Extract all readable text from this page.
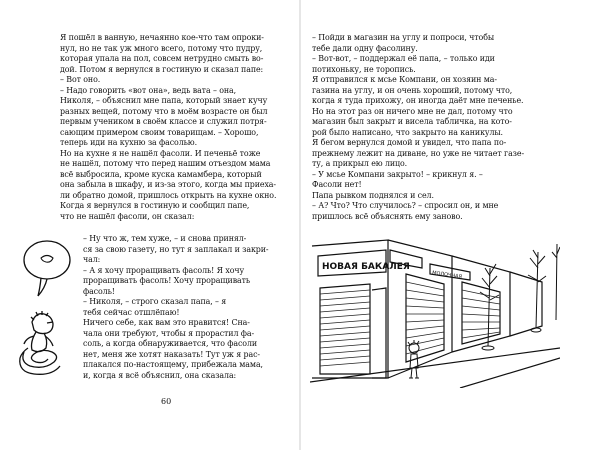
Я пошёл в ванную, нечаянно кое-что там опроки-

нул, но не так уж много всего, потому что пудру,

которая упала на пол, совсем нетрудно смыть во-

дой. Потом я вернулся в гостиную и сказал папе:

– Вот оно.

– Надо говорить «вот она», ведь вата – она,

Николя, – объяснил мне папа, который знает кучу

разных вещей, потому что в моём возрасте он был

первым учеником в своём классе и служил потря-

сающим примером своим товарищам. – Хорошо,

теперь иди на кухню за фасолью.

Но на кухне я не нашёл фасоли. И печеньё тоже

не нашёл, потому что перед нашим отъездом мама

всё выбросила, кроме куска камамбера, который

она забыла в шкафу, и из-за этого, когда мы приеха-

ли обратно домой, пришлось открыть на кухне окно.

Когда я вернулся в гостиную и сообщил папе,

что не нашёл фасоли, он сказал:

– Ну что ж, тем хуже, – и снова принял-

ся за свою газету, но тут я заплакал и закри-

чал:

– А я хочу проращивать фасоль! Я хочу

проращивать фасоль! Хочу проращивать

фасоль!

– Николя, – строго сказал папа, – я

тебя сейчас отшлёпаю!

Ничего себе, как вам это нравится! Сна-

чала они требуют, чтобы я прорастил фа-

соль, а когда обнаруживается, что фасоли

нет, меня же хотят наказать! Тут уж я рас-

плакался по-настоящему, прибежала мама,

и, когда я всё объяснил, она сказала:

60

– Пойди в магазин на углу и попроси, чтобы

тебе дали одну фасолину.

– Вот-вот, – поддержал её папа, – только иди

потихоньку, не торопись.

Я отправился к мсье Компани, он хозяин ма-

газина на углу, и он очень хороший, потому что,

когда я туда прихожу, он иногда даёт мне печенье.

Но на этот раз он ничего мне не дал, потому что

магазин был закрыт и висела табличка, на кото-

рой было написано, что закрыто на каникулы.

Я бегом вернулся домой и увидел, что папа по-

прежнему лежит на диване, но уже не читает газе-

ту, а прикрыл ею лицо.

– У мсье Компани закрыто! – крикнул я. –

Фасоли нет!

Папа рывком поднялся и сел.

– А? Что? Что случилось? – спросил он, и мне

пришлось всё объяснять ему заново.

НОВАЯ БАКАЛЕЯ
МОЛОЧНАЯ
